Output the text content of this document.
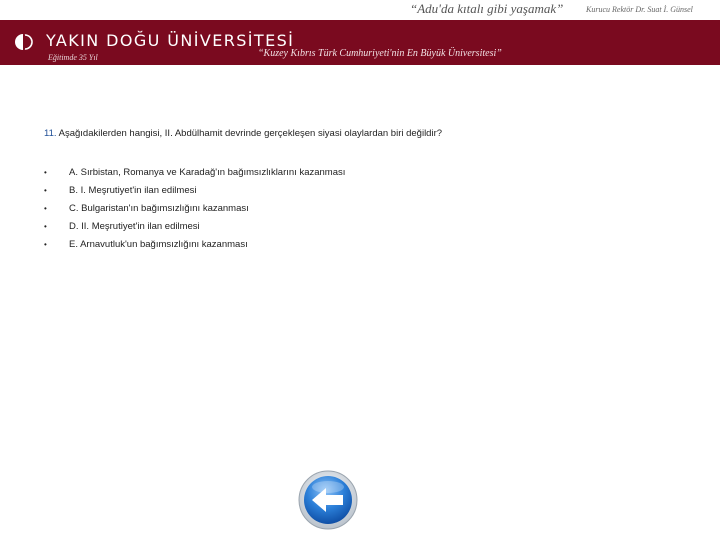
“Adu'da kıtalı gibi yaşamak”	Kurucu Rektör Dr. Suat İ. Günsel
YAKIN DOĞU ÜNİVERSİTESİ
Eğitimde 35 Yıl	“Kuzey Kıbrıs Türk Cumhuriyeti'nin En Büyük Üniversitesi”

11. Aşağıdakilerden hangisi, II. Abdülhamit devrinde gerçekleşen siyasi olaylardan biri değildir?

• A. Sırbistan, Romanya ve Karadağ'ın bağımsızlıklarını kazanması
• B. I. Meşrutiyet'in ilan edilmesi
• C. Bulgaristan'ın bağımsızlığını kazanması
• D. II. Meşrutiyet'in ilan edilmesi
• E. Arnavutluk'un bağımsızlığını kazanması
